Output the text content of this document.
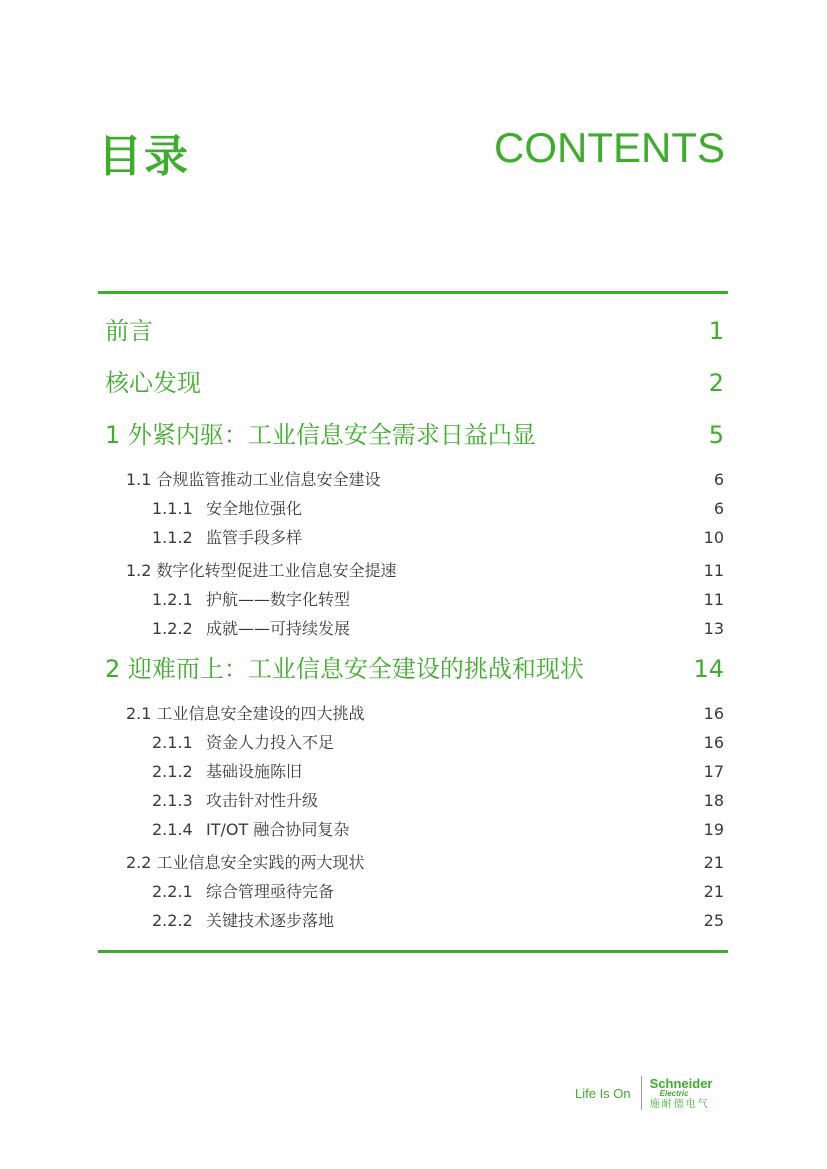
目录	CONTENTS
前言	1
核心发现	2
1 外紧内驱：工业信息安全需求日益凸显	5
1.1 合规监管推动工业信息安全建设	6
1.1.1 安全地位强化	6
1.1.2 监管手段多样	10
1.2 数字化转型促进工业信息安全提速	11
1.2.1 护航——数字化转型	11
1.2.2 成就——可持续发展	13
2 迎难而上：工业信息安全建设的挑战和现状	14
2.1 工业信息安全建设的四大挑战	16
2.1.1 资金人力投入不足	16
2.1.2 基础设施陈旧	17
2.1.3 攻击针对性升级	18
2.1.4 IT/OT 融合协同复杂	19
2.2 工业信息安全实践的两大现状	21
2.2.1 综合管理亟待完备	21
2.2.2 关键技术逐步落地	25
Life Is On
Schneider
Electric
施耐德电气
